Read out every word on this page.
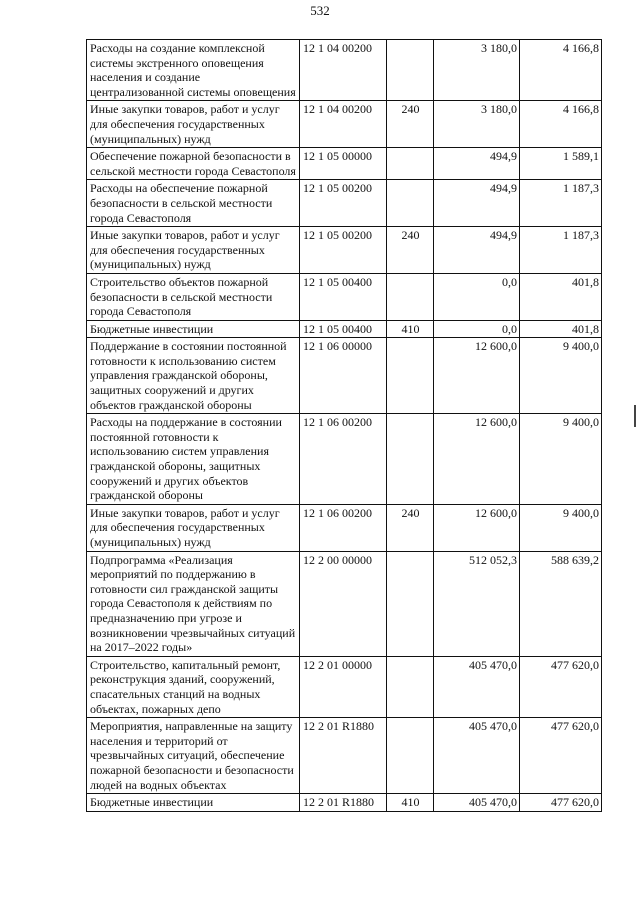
532
Расходы на создание комплексной системы экстренного оповещения населения и создание централизованной системы оповещения	12 1 04 00200		3 180,0	4 166,8
Иные закупки товаров, работ и услуг для обеспечения государственных (муниципальных) нужд	12 1 04 00200	240	3 180,0	4 166,8
Обеспечение пожарной безопасности в сельской местности города Севастополя	12 1 05 00000		494,9	1 589,1
Расходы на обеспечение пожарной безопасности в сельской местности города Севастополя	12 1 05 00200		494,9	1 187,3
Иные закупки товаров, работ и услуг для обеспечения государственных (муниципальных) нужд	12 1 05 00200	240	494,9	1 187,3
Строительство объектов пожарной безопасности в сельской местности города Севастополя	12 1 05 00400		0,0	401,8
Бюджетные инвестиции	12 1 05 00400	410	0,0	401,8
Поддержание в состоянии постоянной готовности к использованию систем управления гражданской обороны, защитных сооружений и других объектов гражданской обороны	12 1 06 00000		12 600,0	9 400,0
Расходы на поддержание в состоянии постоянной готовности к использованию систем управления гражданской обороны, защитных сооружений и других объектов гражданской обороны	12 1 06 00200		12 600,0	9 400,0
Иные закупки товаров, работ и услуг для обеспечения государственных (муниципальных) нужд	12 1 06 00200	240	12 600,0	9 400,0
Подпрограмма «Реализация мероприятий по поддержанию в готовности сил гражданской защиты города Севастополя к действиям по предназначению при угрозе и возникновении чрезвычайных ситуаций на 2017–2022 годы»	12 2 00 00000		512 052,3	588 639,2
Строительство, капитальный ремонт, реконструкция зданий, сооружений, спасательных станций на водных объектах, пожарных депо	12 2 01 00000		405 470,0	477 620,0
Мероприятия, направленные на защиту населения и территорий от чрезвычайных ситуаций, обеспечение пожарной безопасности и безопасности людей на водных объектах	12 2 01 R1880		405 470,0	477 620,0
Бюджетные инвестиции	12 2 01 R1880	410	405 470,0	477 620,0
